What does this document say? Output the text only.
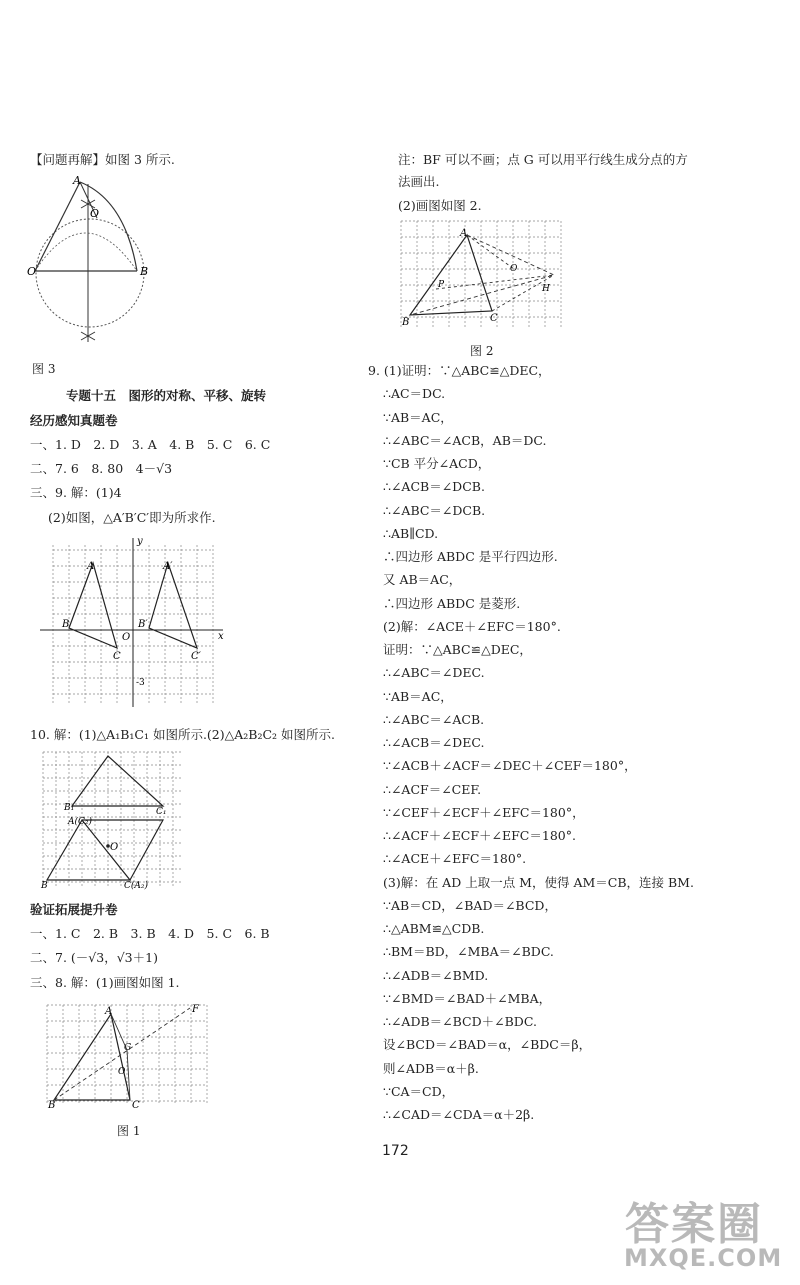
【问题再解】如图 3 所示.
A
O
O	B
图 3
专题十五　图形的对称、平移、旋转
经历感知真题卷
一、1. D　2. D　3. A　4. B　5. C　6. C
二、7. 6　8. 80　4－√3
三、9. 解：(1)4
(2)如图，△A′B′C′即为所求作.
y
x
O
A	A′
B	B′
C	C′
-3
10. 解：(1)△A₁B₁C₁ 如图所示.(2)△A₂B₂C₂ 如图所示.
O
B₁	C₁
A(C₂)
B	C(A₂)
验证拓展提升卷
一、1. C　2. B　3. B　4. D　5. C　6. B
二、7. (－√3，√3＋1)
三、8. 解：(1)画图如图 1.
A	F
B	C
O
G
图 1
注：BF 可以不画；点 G 可以用平行线生成分点的方
法画出.
(2)画图如图 2.
A
O
H
B	C
P
图 2
9. (1)证明：∵△ABC≌△DEC，
∴AC＝DC.
∵AB＝AC，
∴∠ABC＝∠ACB，AB＝DC.
∵CB 平分∠ACD，
∴∠ACB＝∠DCB.
∴∠ABC＝∠DCB.
∴AB∥CD.
∴四边形 ABDC 是平行四边形.
又 AB＝AC，
∴四边形 ABDC 是菱形.
(2)解：∠ACE＋∠EFC＝180°.
证明：∵△ABC≌△DEC，
∴∠ABC＝∠DEC.
∵AB＝AC，
∴∠ABC＝∠ACB.
∴∠ACB＝∠DEC.
∵∠ACB＋∠ACF＝∠DEC＋∠CEF＝180°，
∴∠ACF＝∠CEF.
∵∠CEF＋∠ECF＋∠EFC＝180°，
∴∠ACF＋∠ECF＋∠EFC＝180°.
∴∠ACE＋∠EFC＝180°.
(3)解：在 AD 上取一点 M，使得 AM＝CB，连接 BM.
∵AB＝CD，∠BAD＝∠BCD，
∴△ABM≌△CDB.
∴BM＝BD，∠MBA＝∠BDC.
∴∠ADB＝∠BMD.
∵∠BMD＝∠BAD＋∠MBA，
∴∠ADB＝∠BCD＋∠BDC.
设∠BCD＝∠BAD＝α，∠BDC＝β，
则∠ADB＝α＋β.
∵CA＝CD，
∴∠CAD＝∠CDA＝α＋2β.
172
答案圈
MXQE.COM
